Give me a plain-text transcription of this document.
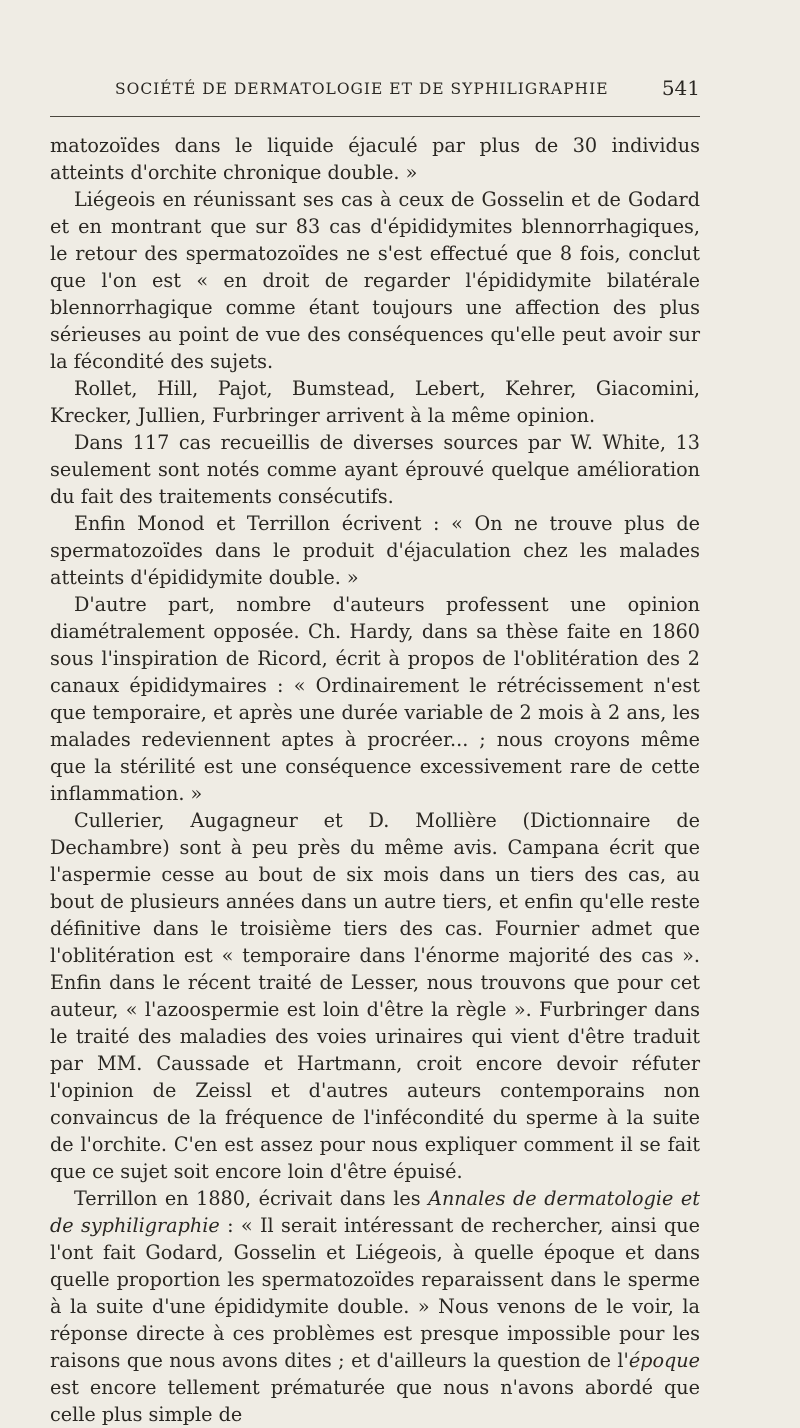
SOCIÉTÉ DE DERMATOLOGIE ET DE SYPHILIGRAPHIE	541

matozoïdes dans le liquide éjaculé par plus de 30 individus atteints d'orchite chronique double. »

Liégeois en réunissant ses cas à ceux de Gosselin et de Godard et en montrant que sur 83 cas d'épididymites blennorrhagiques, le retour des spermatozoïdes ne s'est effectué que 8 fois, conclut que l'on est « en droit de regarder l'épididymite bilatérale blennorrhagique comme étant toujours une affection des plus sérieuses au point de vue des conséquences qu'elle peut avoir sur la fécondité des sujets.

Rollet, Hill, Pajot, Bumstead, Lebert, Kehrer, Giacomini, Krecker, Jullien, Furbringer arrivent à la même opinion.

Dans 117 cas recueillis de diverses sources par W. White, 13 seulement sont notés comme ayant éprouvé quelque amélioration du fait des traitements consécutifs.

Enfin Monod et Terrillon écrivent : « On ne trouve plus de spermatozoïdes dans le produit d'éjaculation chez les malades atteints d'épididymite double. »

D'autre part, nombre d'auteurs professent une opinion diamétralement opposée. Ch. Hardy, dans sa thèse faite en 1860 sous l'inspiration de Ricord, écrit à propos de l'oblitération des 2 canaux épididymaires : « Ordinairement le rétrécissement n'est que temporaire, et après une durée variable de 2 mois à 2 ans, les malades redeviennent aptes à procréer... ; nous croyons même que la stérilité est une conséquence excessivement rare de cette inflammation. »

Cullerier, Augagneur et D. Mollière (Dictionnaire de Dechambre) sont à peu près du même avis. Campana écrit que l'aspermie cesse au bout de six mois dans un tiers des cas, au bout de plusieurs années dans un autre tiers, et enfin qu'elle reste définitive dans le troisième tiers des cas. Fournier admet que l'oblitération est « temporaire dans l'énorme majorité des cas ». Enfin dans le récent traité de Lesser, nous trouvons que pour cet auteur, « l'azoospermie est loin d'être la règle ». Furbringer dans le traité des maladies des voies urinaires qui vient d'être traduit par MM. Caussade et Hartmann, croit encore devoir réfuter l'opinion de Zeissl et d'autres auteurs contemporains non convaincus de la fréquence de l'infécondité du sperme à la suite de l'orchite. C'en est assez pour nous expliquer comment il se fait que ce sujet soit encore loin d'être épuisé.

Terrillon en 1880, écrivait dans les Annales de dermatologie et de syphiligraphie : « Il serait intéressant de rechercher, ainsi que l'ont fait Godard, Gosselin et Liégeois, à quelle époque et dans quelle proportion les spermatozoïdes reparaissent dans le sperme à la suite d'une épididymite double. » Nous venons de le voir, la réponse directe à ces problèmes est presque impossible pour les raisons que nous avons dites ; et d'ailleurs la question de l'époque est encore tellement prématurée que nous n'avons abordé que celle plus simple de
